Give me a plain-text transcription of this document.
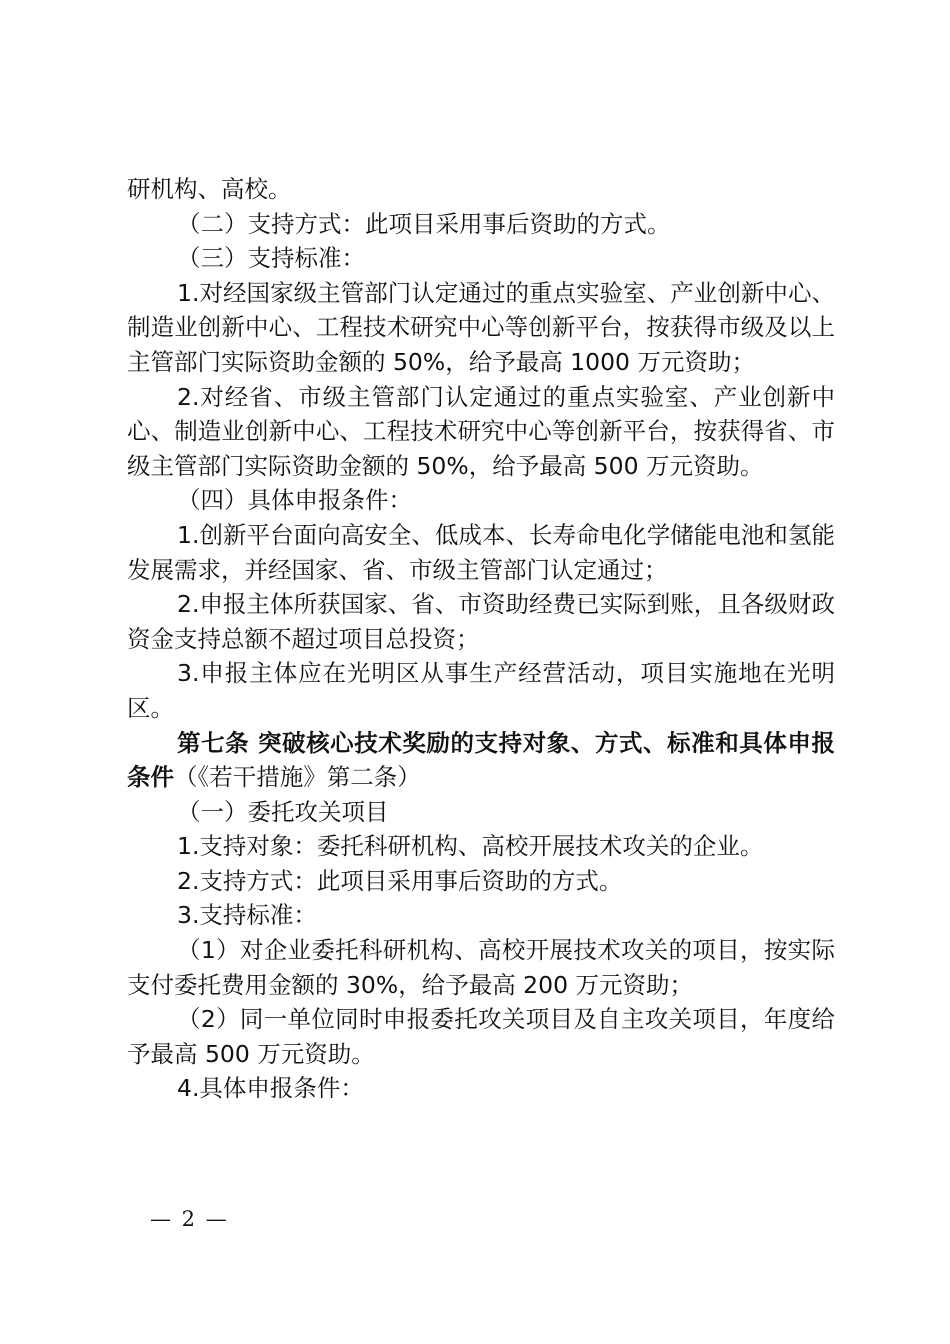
研机构、高校。

（二）支持方式：此项目采用事后资助的方式。

（三）支持标准：

1.对经国家级主管部门认定通过的重点实验室、产业创新中心、制造业创新中心、工程技术研究中心等创新平台，按获得市级及以上主管部门实际资助金额的 50%，给予最高 1000 万元资助；

2.对经省、市级主管部门认定通过的重点实验室、产业创新中心、制造业创新中心、工程技术研究中心等创新平台，按获得省、市级主管部门实际资助金额的 50%，给予最高 500 万元资助。

（四）具体申报条件：

1.创新平台面向高安全、低成本、长寿命电化学储能电池和氢能发展需求，并经国家、省、市级主管部门认定通过；

2.申报主体所获国家、省、市资助经费已实际到账，且各级财政资金支持总额不超过项目总投资；

3.申报主体应在光明区从事生产经营活动，项目实施地在光明区。

第七条 突破核心技术奖励的支持对象、方式、标准和具体申报条件（《若干措施》第二条）

（一）委托攻关项目

1.支持对象：委托科研机构、高校开展技术攻关的企业。

2.支持方式：此项目采用事后资助的方式。

3.支持标准：

（1）对企业委托科研机构、高校开展技术攻关的项目，按实际支付委托费用金额的 30%，给予最高 200 万元资助；

（2）同一单位同时申报委托攻关项目及自主攻关项目，年度给予最高 500 万元资助。

4.具体申报条件：

— 2 —
